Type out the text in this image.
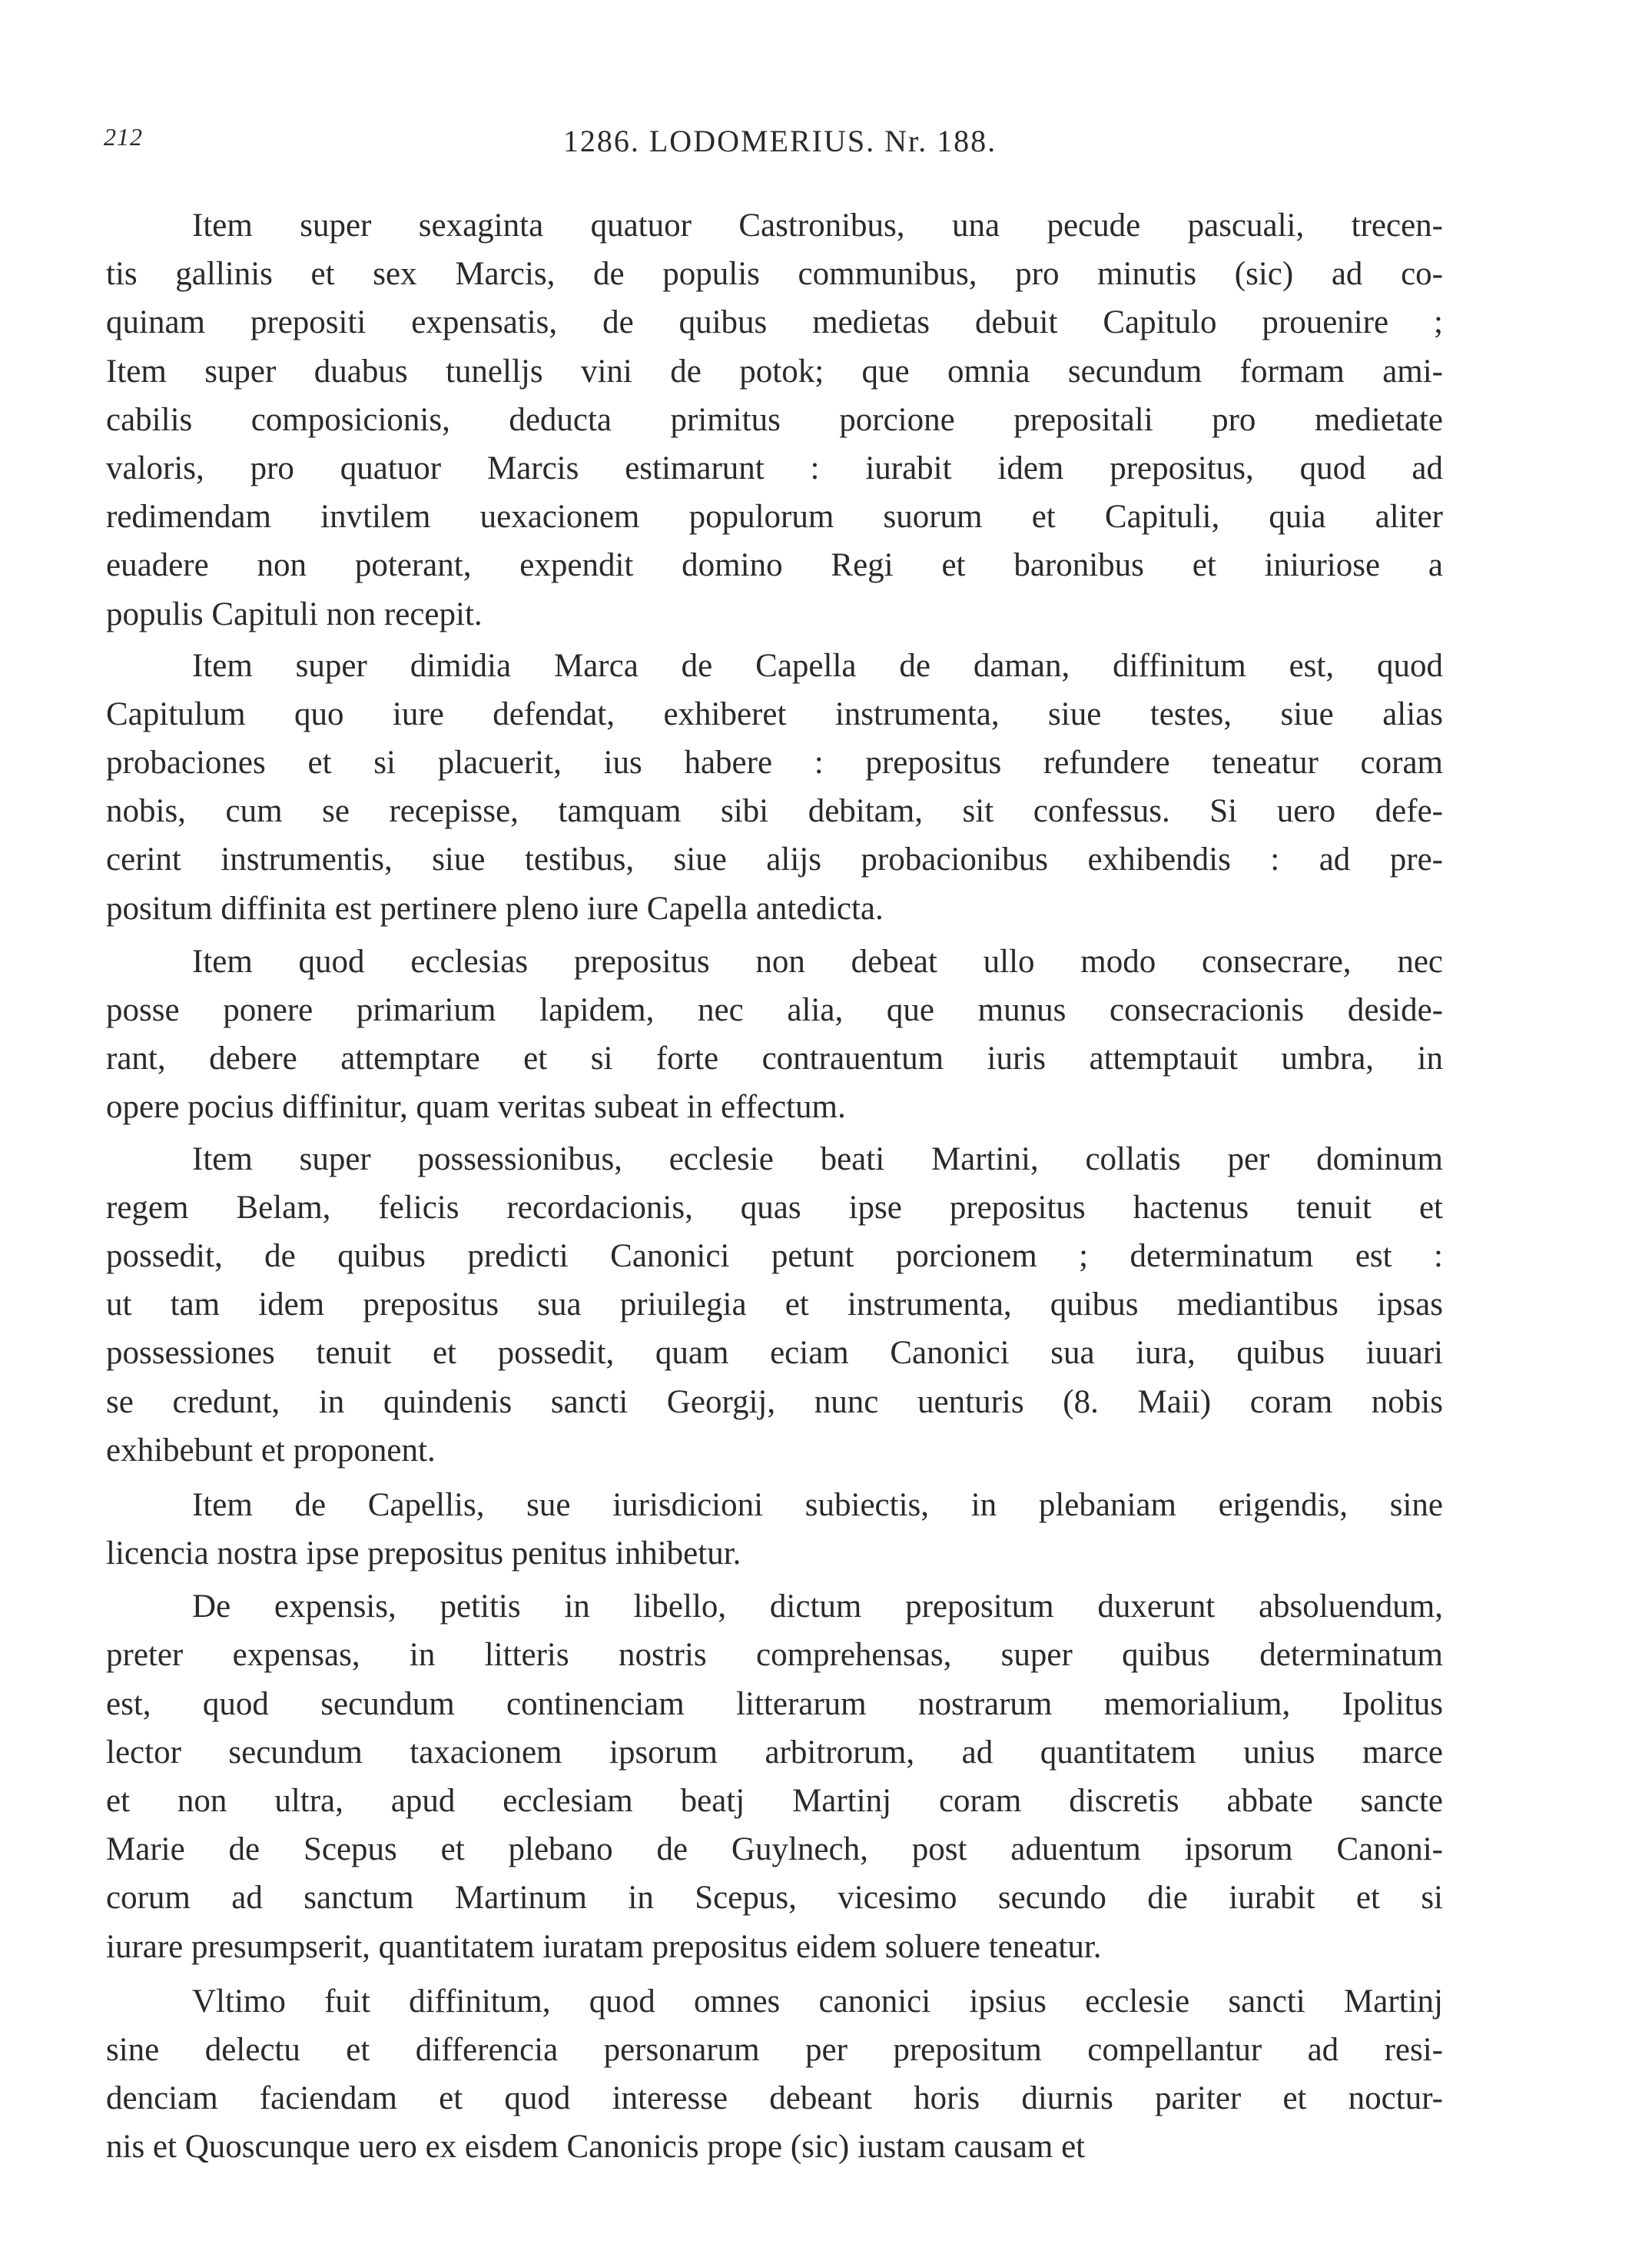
212	1286. LODOMERIUS. Nr. 188.
Item super sexaginta quatuor Castronibus, una pecude pascuali, trecen-
tis gallinis et sex Marcis, de populis communibus, pro minutis (sic) ad co-
quinam prepositi expensatis, de quibus medietas debuit Capitulo prouenire ;
Item super duabus tunelljs vini de potok; que omnia secundum formam ami-
cabilis composicionis, deducta primitus porcione prepositali pro medietate
valoris, pro quatuor Marcis estimarunt : iurabit idem prepositus, quod ad
redimendam invtilem uexacionem populorum suorum et Capituli, quia aliter
euadere non poterant, expendit domino Regi et baronibus et iniuriose a
populis Capituli non recepit.
Item super dimidia Marca de Capella de daman, diffinitum est, quod
Capitulum quo iure defendat, exhiberet instrumenta, siue testes, siue alias
probaciones et si placuerit, ius habere : prepositus refundere teneatur coram
nobis, cum se recepisse, tamquam sibi debitam, sit confessus. Si uero defe-
cerint instrumentis, siue testibus, siue alijs probacionibus exhibendis : ad pre-
positum diffinita est pertinere pleno iure Capella antedicta.
Item quod ecclesias prepositus non debeat ullo modo consecrare, nec
posse ponere primarium lapidem, nec alia, que munus consecracionis deside-
rant, debere attemptare et si forte contrauentum iuris attemptauit umbra, in
opere pocius diffinitur, quam veritas subeat in effectum.
Item super possessionibus, ecclesie beati Martini, collatis per dominum
regem Belam, felicis recordacionis, quas ipse prepositus hactenus tenuit et
possedit, de quibus predicti Canonici petunt porcionem ; determinatum est :
ut tam idem prepositus sua priuilegia et instrumenta, quibus mediantibus ipsas
possessiones tenuit et possedit, quam eciam Canonici sua iura, quibus iuuari
se credunt, in quindenis sancti Georgij, nunc uenturis (8. Maii) coram nobis
exhibebunt et proponent.
Item de Capellis, sue iurisdicioni subiectis, in plebaniam erigendis, sine
licencia nostra ipse prepositus penitus inhibetur.
De expensis, petitis in libello, dictum prepositum duxerunt absoluendum,
preter expensas, in litteris nostris comprehensas, super quibus determinatum
est, quod secundum continenciam litterarum nostrarum memorialium, Ipolitus
lector secundum taxacionem ipsorum arbitrorum, ad quantitatem unius marce
et non ultra, apud ecclesiam beatj Martinj coram discretis abbate sancte
Marie de Scepus et plebano de Guylnech, post aduentum ipsorum Canoni-
corum ad sanctum Martinum in Scepus, vicesimo secundo die iurabit et si
iurare presumpserit, quantitatem iuratam prepositus eidem soluere teneatur.
Vltimo fuit diffinitum, quod omnes canonici ipsius ecclesie sancti Martinj
sine delectu et differencia personarum per prepositum compellantur ad resi-
denciam faciendam et quod interesse debeant horis diurnis pariter et noctur-
nis et Quoscunque uero ex eisdem Canonicis prope (sic) iustam causam et
